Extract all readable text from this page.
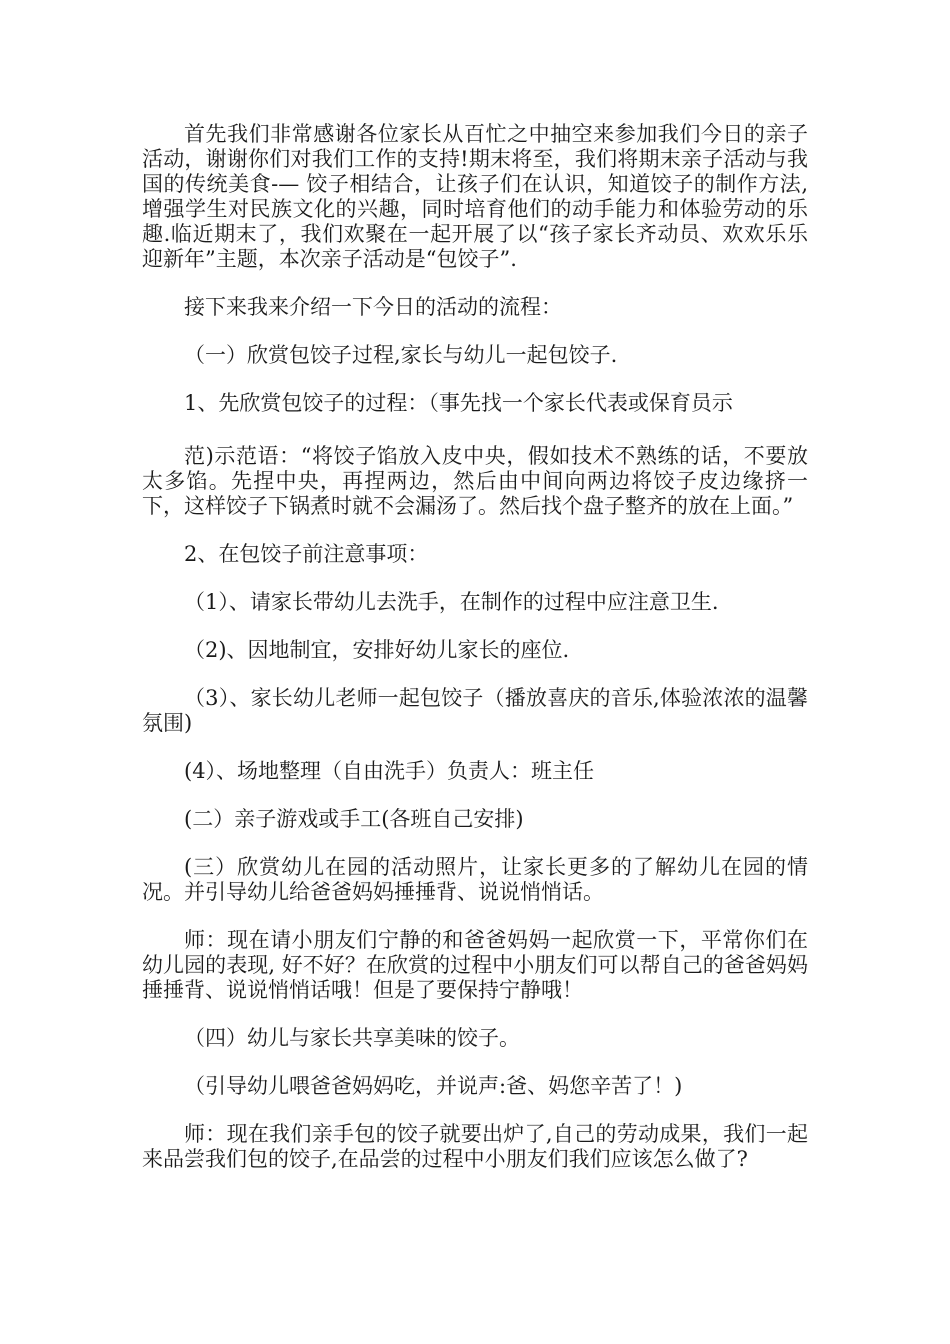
首先我们非常感谢各位家长从百忙之中抽空来参加我们今日的亲子活动，谢谢你们对我们工作的支持!期末将至，我们将期末亲子活动与我国的传统美食-— 饺子相结合，让孩子们在认识，知道饺子的制作方法,增强学生对民族文化的兴趣，同时培育他们的动手能力和体验劳动的乐趣.临近期末了，我们欢聚在一起开展了以“孩子家长齐动员、欢欢乐乐迎新年”主题，本次亲子活动是“包饺子”.

接下来我来介绍一下今日的活动的流程：

（一）欣赏包饺子过程,家长与幼儿一起包饺子.

1、先欣赏包饺子的过程：（事先找一个家长代表或保育员示

范)示范语：“将饺子馅放入皮中央，假如技术不熟练的话，不要放太多馅。先捏中央，再捏两边，然后由中间向两边将饺子皮边缘挤一下，这样饺子下锅煮时就不会漏汤了。然后找个盘子整齐的放在上面。”

2、在包饺子前注意事项：

（1）、请家长带幼儿去洗手，在制作的过程中应注意卫生.

（2)、因地制宜，安排好幼儿家长的座位.

（3）、家长幼儿老师一起包饺子（播放喜庆的音乐,体验浓浓的温馨氛围)

(4）、场地整理（自由洗手）负责人：班主任

(二）亲子游戏或手工(各班自己安排)

(三）欣赏幼儿在园的活动照片，让家长更多的了解幼儿在园的情况。并引导幼儿给爸爸妈妈捶捶背、说说悄悄话。

师：现在请小朋友们宁静的和爸爸妈妈一起欣赏一下，平常你们在幼儿园的表现, 好不好？在欣赏的过程中小朋友们可以帮自己的爸爸妈妈捶捶背、说说悄悄话哦！但是了要保持宁静哦！

（四）幼儿与家长共享美味的饺子。

（引导幼儿喂爸爸妈妈吃，并说声:爸、妈您辛苦了！)

师：现在我们亲手包的饺子就要出炉了,自己的劳动成果，我们一起来品尝我们包的饺子,在品尝的过程中小朋友们我们应该怎么做了?
